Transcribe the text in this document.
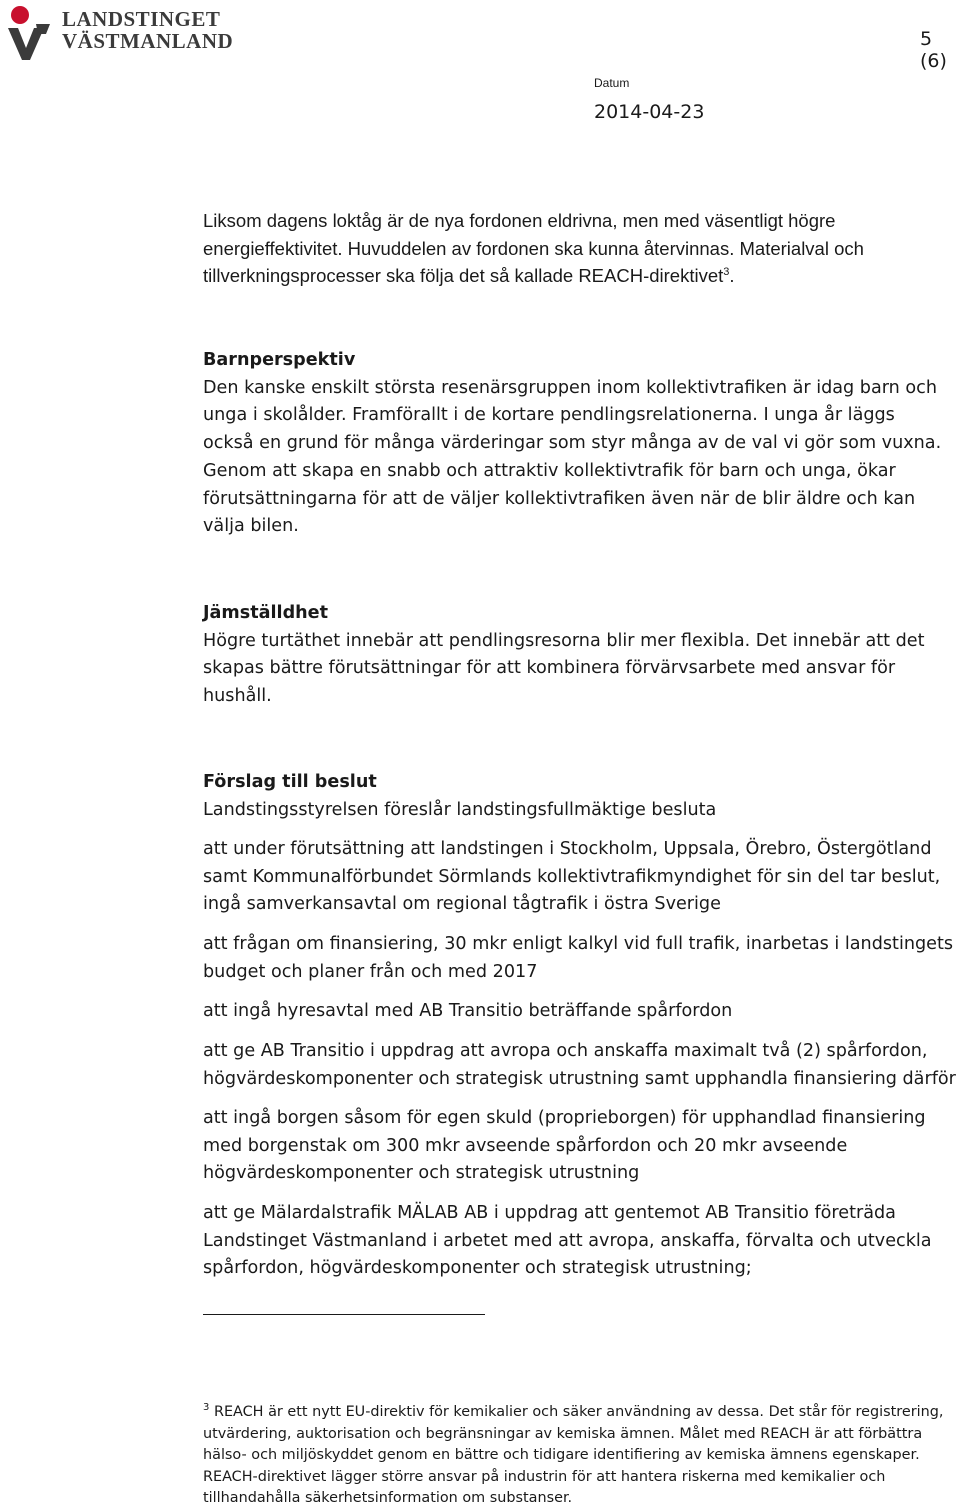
LANDSTINGET
VÄSTMANLAND	5 (6)
Datum
2014-04-23
Liksom dagens loktåg är de nya fordonen eldrivna, men med väsentligt högre energieffektivitet. Huvuddelen av fordonen ska kunna återvinnas. Materialval och tillverkningsprocesser ska följa det så kallade REACH-direktivet$^3$.
Barnperspektiv
Den kanske enskilt största resenärsgruppen inom kollektivtrafiken är idag barn och unga i skolålder. Framförallt i de kortare pendlingsrelationerna. I unga år läggs också en grund för många värderingar som styr många av de val vi gör som vuxna. Genom att skapa en snabb och attraktiv kollektivtrafik för barn och unga, ökar förutsättningarna för att de väljer kollektivtrafiken även när de blir äldre och kan välja bilen.
Jämställdhet
Högre turtäthet innebär att pendlingsresorna blir mer flexibla. Det innebär att det skapas bättre förutsättningar för att kombinera förvärvsarbete med ansvar för hushåll.
Förslag till beslut
Landstingsstyrelsen föreslår landstingsfullmäktige besluta
att under förutsättning att landstingen i Stockholm, Uppsala, Örebro, Östergötland samt Kommunalförbundet Sörmlands kollektivtrafikmyndighet för sin del tar beslut, ingå samverkansavtal om regional tågtrafik i östra Sverige
att frågan om finansiering, 30 mkr enligt kalkyl vid full trafik, inarbetas i landstingets budget och planer från och med 2017
att ingå hyresavtal med AB Transitio beträffande spårfordon
att ge AB Transitio i uppdrag att avropa och anskaffa maximalt två (2) spårfordon, högvärdeskomponenter och strategisk utrustning samt upphandla finansiering därför
att ingå borgen såsom för egen skuld (proprieborgen) för upphandlad finansiering med borgenstak om 300 mkr avseende spårfordon och 20 mkr avseende högvärdeskomponenter och strategisk utrustning
att ge Mälardalstrafik MÄLAB AB i uppdrag att gentemot AB Transitio företräda Landstinget Västmanland i arbetet med att avropa, anskaffa, förvalta och utveckla spårfordon, högvärdeskomponenter och strategisk utrustning;
$^3$ REACH är ett nytt EU-direktiv för kemikalier och säker användning av dessa. Det står för registrering, utvärdering, auktorisation och begränsningar av kemiska ämnen. Målet med REACH är att förbättra hälso- och miljöskyddet genom en bättre och tidigare identifiering av kemiska ämnens egenskaper. REACH-direktivet lägger större ansvar på industrin för att hantera riskerna med kemikalier och tillhandahålla säkerhetsinformation om substanser.
